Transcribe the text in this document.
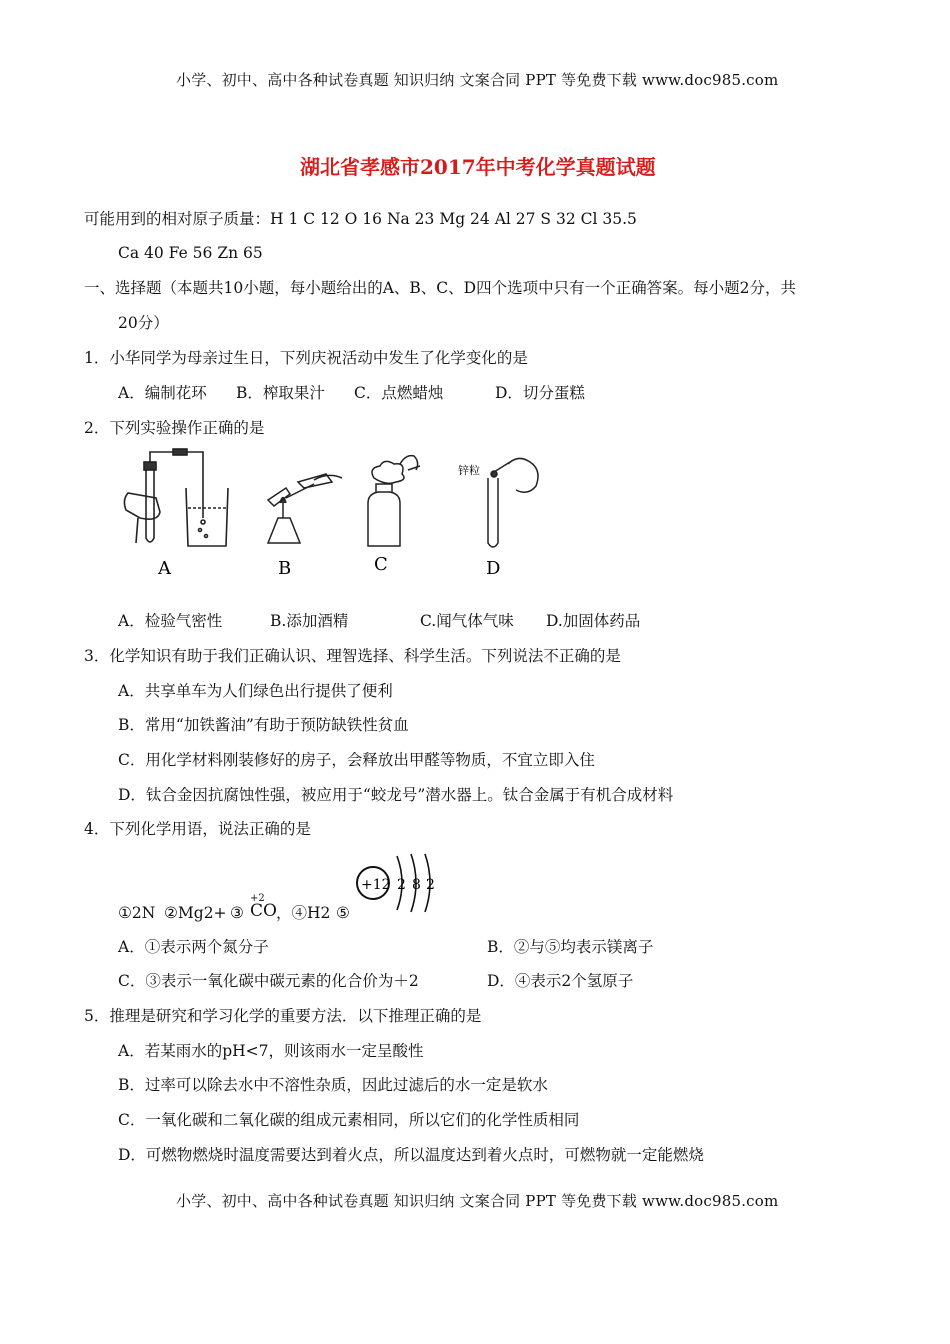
小学、初中、高中各种试卷真题 知识归纳 文案合同 PPT 等免费下载 www.doc985.com
湖北省孝感市2017年中考化学真题试题
可能用到的相对原子质量：H 1 C 12 O 16 Na 23 Mg 24 Al 27 S 32 Cl 35.5
Ca 40 Fe 56 Zn 65
一、选择题（本题共10小题，每小题给出的A、B、C、D四个选项中只有一个正确答案。每小题2分，共
20分）
1．小华同学为母亲过生日，下列庆祝活动中发生了化学变化的是
A．编制花环 B．榨取果汁 C．点燃蜡烛	D．切分蛋糕
2．下列实验操作正确的是
A	B	C
锌粒
D
A．检验气密性	B.添加酒精	C.闻气体气味 D.加固体药品
3．化学知识有助于我们正确认识、理智选择、科学生活。下列说法不正确的是
A．共享单车为人们绿色出行提供了便利
B．常用“加铁酱油”有助于预防缺铁性贫血
C．用化学材料刚装修好的房子，会释放出甲醛等物质，不宜立即入住
D．钛合金因抗腐蚀性强，被应用于“蛟龙号”潜水器上。钛合金属于有机合成材料
4．下列化学用语，说法正确的是
①2N ②Mg2+ ③
+2
CO ，④H2 ⑤
+12 2 8 2
A．①表示两个氮分子	B．②与⑤均表示镁离子
C．③表示一氧化碳中碳元素的化合价为＋2	D．④表示2个氢原子
5．推理是研究和学习化学的重要方法．以下推理正确的是
A．若某雨水的pH<7，则该雨水一定呈酸性
B．过率可以除去水中不溶性杂质，因此过滤后的水一定是软水
C．一氧化碳和二氧化碳的组成元素相同，所以它们的化学性质相同
D．可燃物燃烧时温度需要达到着火点，所以温度达到着火点时，可燃物就一定能燃烧
小学、初中、高中各种试卷真题 知识归纳 文案合同 PPT 等免费下载 www.doc985.com
